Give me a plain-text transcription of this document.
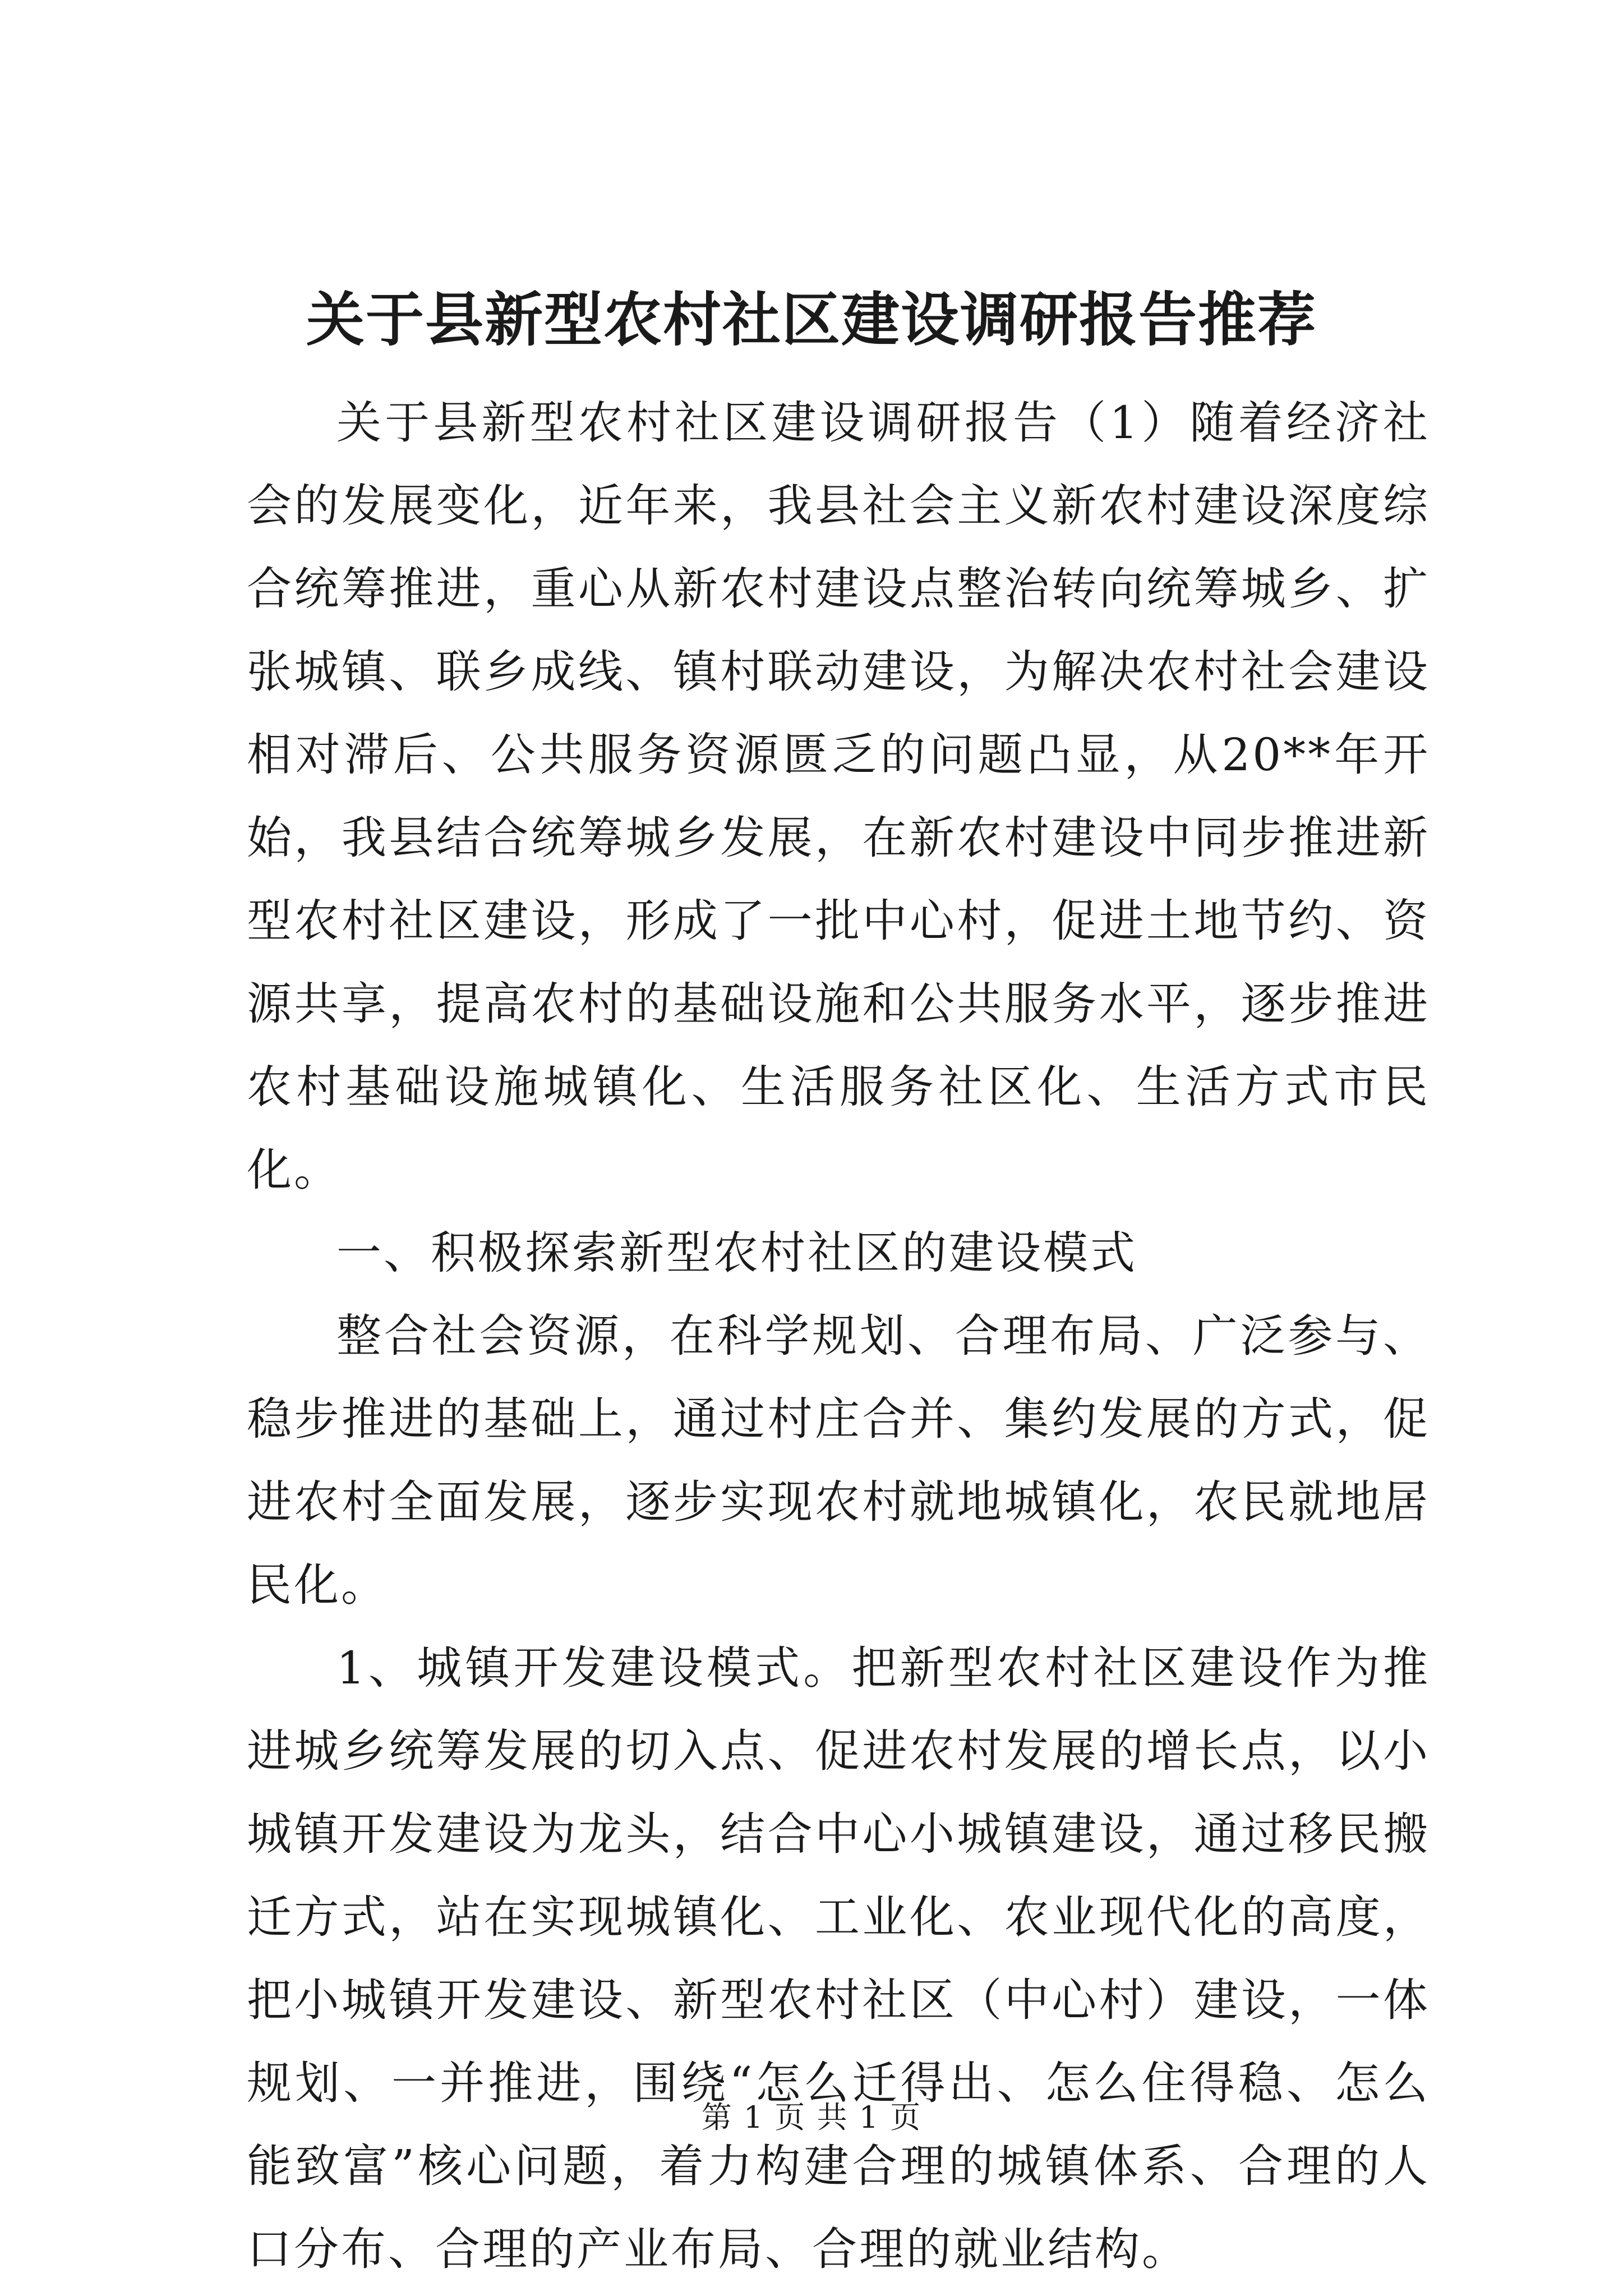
关于县新型农村社区建设调研报告推荐

关于县新型农村社区建设调研报告（1）随着经济社会的发展变化，近年来，我县社会主义新农村建设深度综合统筹推进，重心从新农村建设点整治转向统筹城乡、扩张城镇、联乡成线、镇村联动建设，为解决农村社会建设相对滞后、公共服务资源匮乏的问题凸显，从20**年开始，我县结合统筹城乡发展，在新农村建设中同步推进新型农村社区建设，形成了一批中心村，促进土地节约、资源共享，提高农村的基础设施和公共服务水平，逐步推进农村基础设施城镇化、生活服务社区化、生活方式市民化。

一、积极探索新型农村社区的建设模式

整合社会资源，在科学规划、合理布局、广泛参与、稳步推进的基础上，通过村庄合并、集约发展的方式，促进农村全面发展，逐步实现农村就地城镇化，农民就地居民化。

1、城镇开发建设模式。把新型农村社区建设作为推进城乡统筹发展的切入点、促进农村发展的增长点，以小城镇开发建设为龙头，结合中心小城镇建设，通过移民搬迁方式，站在实现城镇化、工业化、农业现代化的高度，把小城镇开发建设、新型农村社区（中心村）建设，一体规划、一并推进，围绕“怎么迁得出、怎么住得稳、怎么能致富”核心问题，着力构建合理的城镇体系、合理的人口分布、合理的产业布局、合理的就业结构。

第 1 页 共 1 页
